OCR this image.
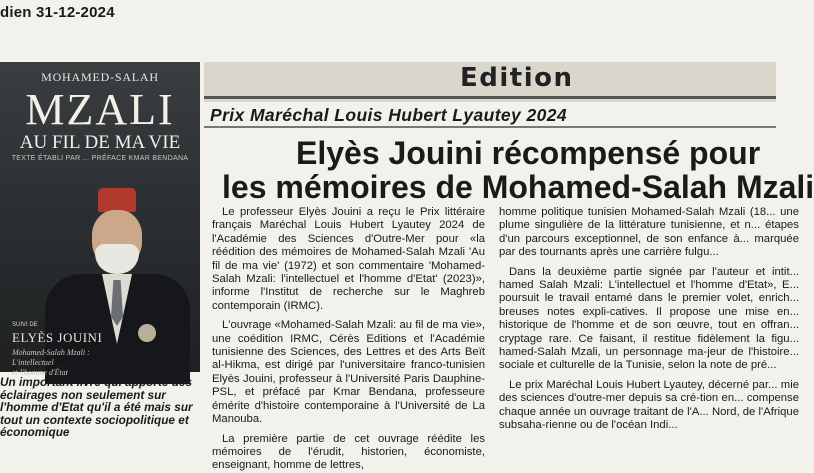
dien 31-12-2024
MOHAMED-SALAH
MZALI
AU FIL DE MA VIE
TEXTE ÉTABLI PAR ... PRÉFACE KMAR BENDANA
SUIVI DE
ELYÈS JOUINI
Mohamed-Salah Mzali :
L'intellectuel
et l'homme d'État
Un important livre qui apporte des éclairages non seulement sur l'homme d'Etat qu'il a été mais sur tout un contexte sociopolitique et économique
Edition
Prix Maréchal Louis Hubert Lyautey 2024
Elyès Jouini récompensé pour
les mémoires de Mohamed-Salah Mzali

Le professeur Elyès Jouini a reçu le Prix littéraire français Maréchal Louis Hubert Lyautey 2024 de l'Académie des Sciences d'Outre-Mer pour «la réédition des mémoires de Mohamed-Salah Mzali 'Au fil de ma vie' (1972) et son commentaire 'Mohamed-Salah Mzali: l'intellectuel et l'homme d'Etat' (2023)», informe l'Institut de recherche sur le Maghreb contemporain (IRMC).

L'ouvrage «Mohamed-Salah Mzali: au fil de ma vie», une coédition IRMC, Cérès Editions et l'Académie tunisienne des Sciences, des Lettres et des Arts Beït al-Hikma, est dirigé par l'universitaire franco-tunisien Elyès Jouini, professeur à l'Université Paris Dauphine-PSL, et préfacé par Kmar Bendana, professeure émérite d'histoire contemporaine à l'Université de La Manouba.

La première partie de cet ouvrage réédite les mémoires de l'érudit, historien, économiste, enseignant, homme de lettres,

homme politique tunisien Mohamed-Salah Mzali (18... une plume singulière de la littérature tunisienne, et n... étapes d'un parcours exceptionnel, de son enfance à... marquée par des tournants après une carrière fulgu...

Dans la deuxième partie signée par l'auteur et intit... hamed Salah Mzali: L'intellectuel et l'homme d'Etat», E... poursuit le travail entamé dans le premier volet, enrich... breuses notes expli-catives. Il propose une mise en... historique de l'homme et de son œuvre, tout en offran... cryptage rare. Ce faisant, il restitue fidèlement la figu... hamed-Salah Mzali, un personnage ma-jeur de l'histoire... sociale et culturelle de la Tunisie, selon la note de pré...

Le prix Maréchal Louis Hubert Lyautey, décerné par... mie des sciences d'outre-mer depuis sa cré-tion en... compense chaque année un ouvrage traitant de l'A... Nord, de l'Afrique subsaha-rienne ou de l'océan Indi...
